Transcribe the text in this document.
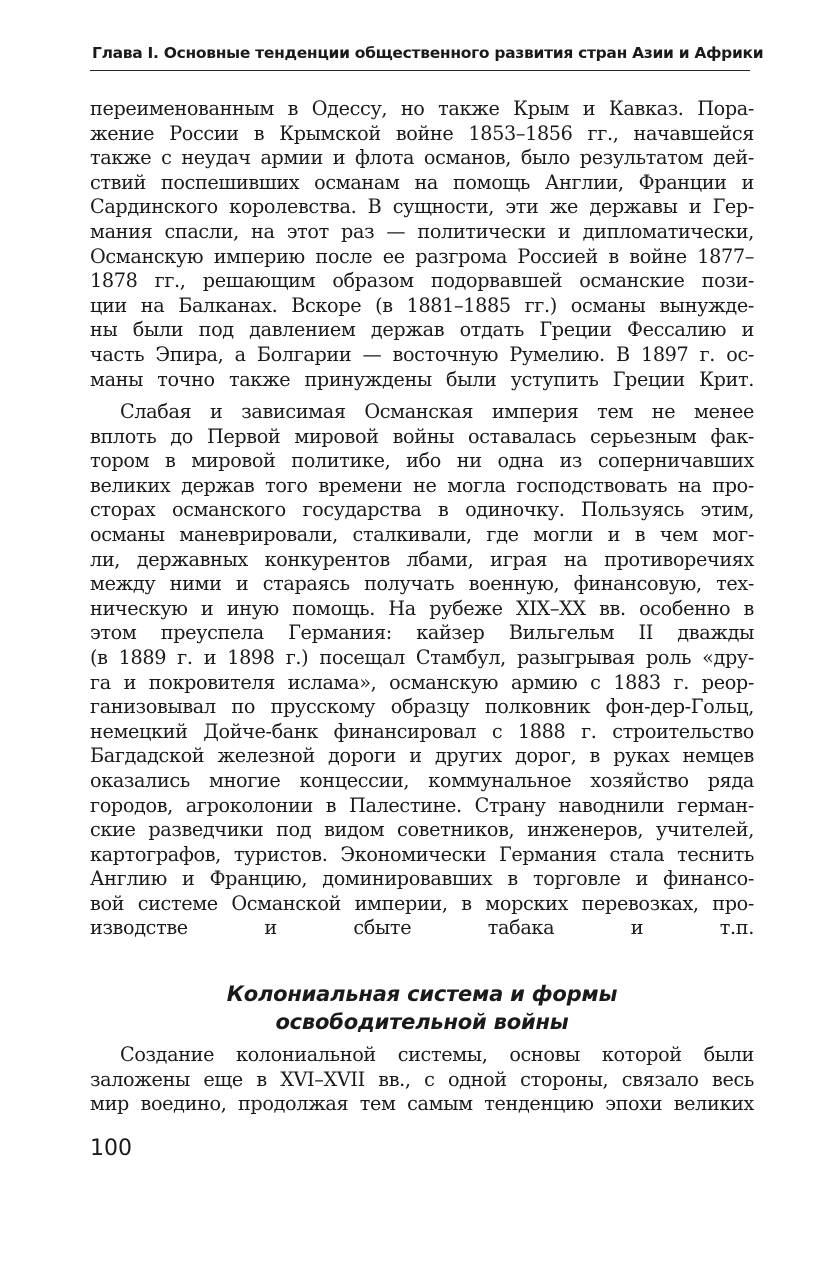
Глава I. Основные тенденции общественного развития стран Азии и Африки
переименованным в Одессу, но также Крым и Кавказ. Пора-
жение России в Крымской войне 1853–1856 гг., начавшейся
также с неудач армии и флота османов, было результатом дей-
ствий поспешивших османам на помощь Англии, Франции и
Сардинского королевства. В сущности, эти же державы и Гер-
мания спасли, на этот раз — политически и дипломатически,
Османскую империю после ее разгрома Россией в войне 1877–
1878 гг., решающим образом подорвавшей османские пози-
ции на Балканах. Вскоре (в 1881–1885 гг.) османы вынужде-
ны были под давлением держав отдать Греции Фессалию и
часть Эпира, а Болгарии — восточную Румелию. В 1897 г. ос-
маны точно также принуждены были уступить Греции Крит.
Слабая и зависимая Османская империя тем не менее
вплоть до Первой мировой войны оставалась серьезным фак-
тором в мировой политике, ибо ни одна из соперничавших
великих держав того времени не могла господствовать на про-
сторах османского государства в одиночку. Пользуясь этим,
османы маневрировали, сталкивали, где могли и в чем мог-
ли, державных конкурентов лбами, играя на противоречиях
между ними и стараясь получать военную, финансовую, тех-
ническую и иную помощь. На рубеже XIX–XX вв. особенно в
этом преуспела Германия: кайзер Вильгельм II дважды
(в 1889 г. и 1898 г.) посещал Стамбул, разыгрывая роль «дру-
га и покровителя ислама», османскую армию с 1883 г. реор-
ганизовывал по прусскому образцу полковник фон-дер-Гольц,
немецкий Дойче-банк финансировал с 1888 г. строительство
Багдадской железной дороги и других дорог, в руках немцев
оказались многие концессии, коммунальное хозяйство ряда
городов, агроколонии в Палестине. Страну наводнили герман-
ские разведчики под видом советников, инженеров, учителей,
картографов, туристов. Экономически Германия стала теснить
Англию и Францию, доминировавших в торговле и финансо-
вой системе Османской империи, в морских перевозках, про-
изводстве и сбыте табака и т.п.
Колониальная система и формы
освободительной войны
Создание колониальной системы, основы которой были
заложены еще в XVI–XVII вв., с одной стороны, связало весь
мир воедино, продолжая тем самым тенденцию эпохи великих
100
